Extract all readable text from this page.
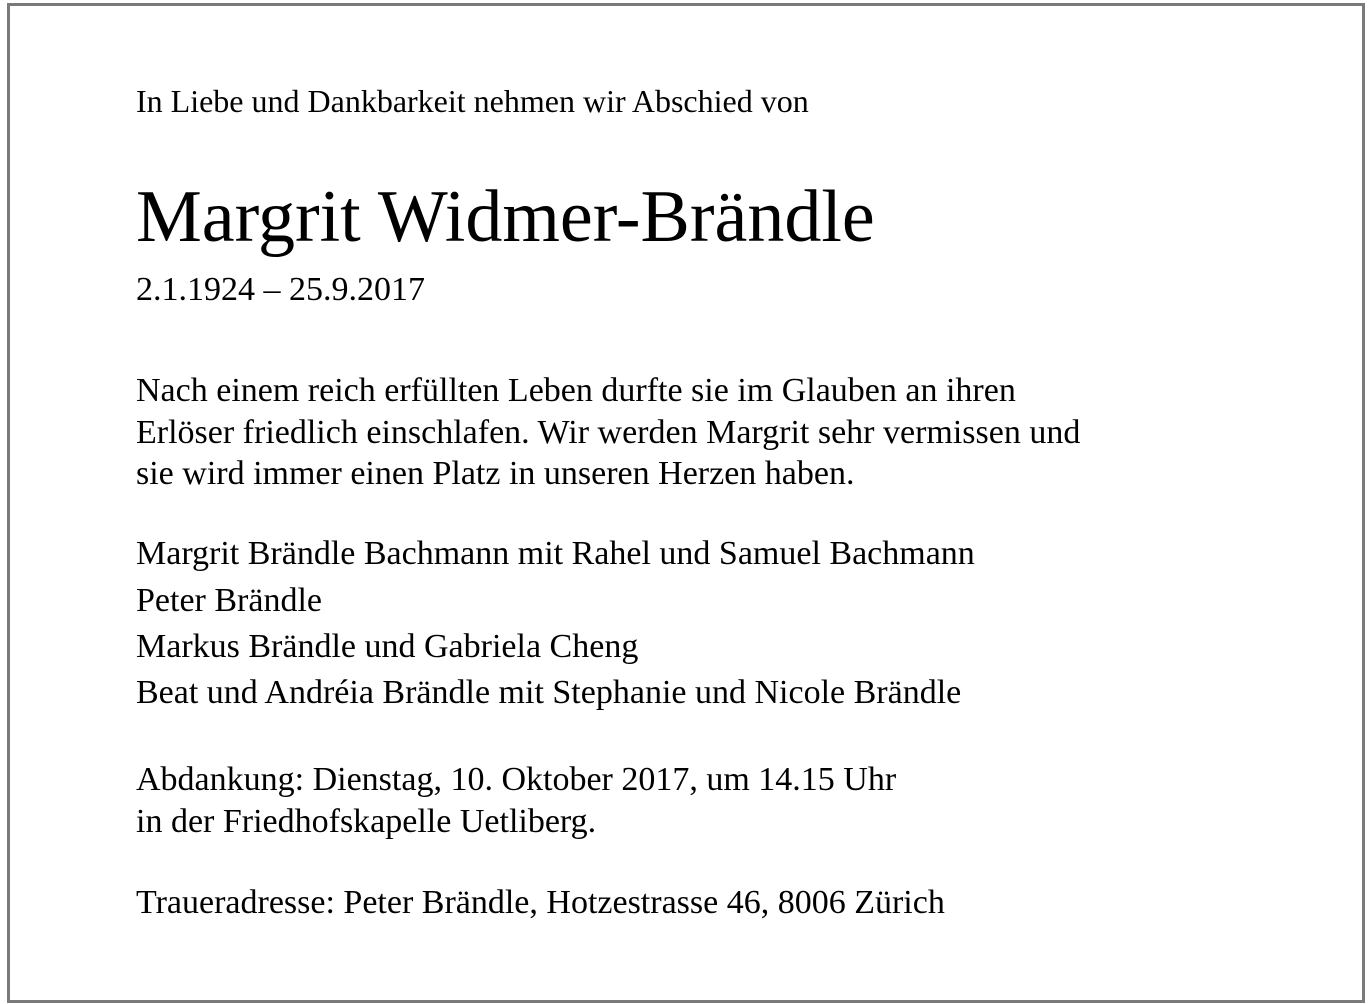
In Liebe und Dankbarkeit nehmen wir Abschied von
Margrit Widmer-Brändle
2.1.1924 – 25.9.2017
Nach einem reich erfüllten Leben durfte sie im Glauben an ihren
Erlöser friedlich einschlafen. Wir werden Margrit sehr vermissen und
sie wird immer einen Platz in unseren Herzen haben.
Margrit Brändle Bachmann mit Rahel und Samuel Bachmann
Peter Brändle
Markus Brändle und Gabriela Cheng
Beat und Andréia Brändle mit Stephanie und Nicole Brändle
Abdankung: Dienstag, 10. Oktober 2017, um 14.15 Uhr
in der Friedhofskapelle Uetliberg.
Traueradresse: Peter Brändle, Hotzestrasse 46, 8006 Zürich
